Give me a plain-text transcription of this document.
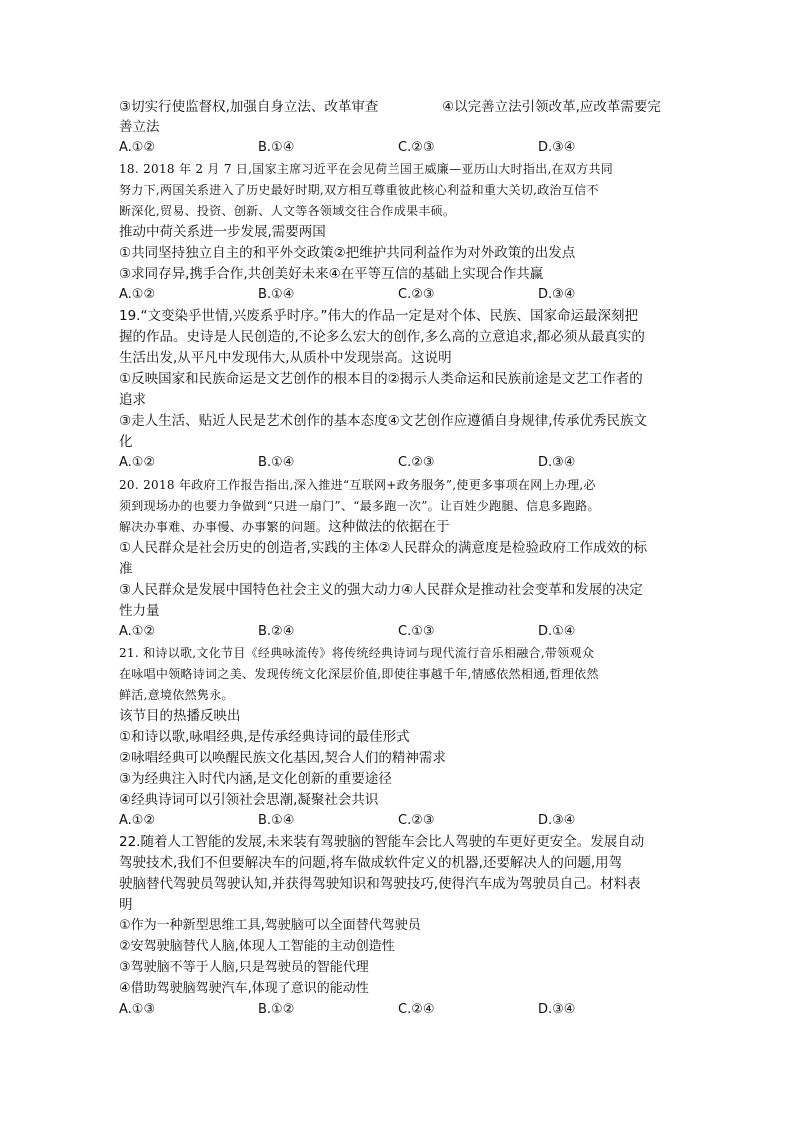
③切实行使监督权,加强自身立法、改革审查	④以完善立法引领改革,应改革需要完
善立法
A.①②	B.①④	C.②③	D.③④
18. 2018 年 2 月 7 日,国家主席习近平在会见荷兰国王威廉—亚历山大时指出,在双方共同
努力下,两国关系进入了历史最好时期,双方相互尊重彼此核心利益和重大关切,政治互信不
断深化,贸易、投资、创新、人文等各领域交往合作成果丰硕。
推动中荷关系进一步发展,需要两国
①共同坚持独立自主的和平外交政策②把维护共同利益作为对外政策的出发点
③求同存异,携手合作,共创美好未来④在平等互信的基础上实现合作共赢
A.①②	B.①④	C.②③	D.③④
19.“文变染乎世情,兴废系乎时序。”伟大的作品一定是对个体、民族、国家命运最深刻把
握的作品。史诗是人民创造的,不论多么宏大的创作,多么高的立意追求,都必须从最真实的
生活出发,从平凡中发现伟大,从质朴中发现崇高。这说明
①反映国家和民族命运是文艺创作的根本目的②揭示人类命运和民族前途是文艺工作者的
追求
③走人生活、贴近人民是艺术创作的基本态度④文艺创作应遵循自身规律,传承优秀民族文
化
A.①②	B.①④	C.②③	D.③④
20. 2018 年政府工作报告指出,深入推进“互联网+政务服务”,使更多事项在网上办理,必
须到现场办的也要力争做到“只进一扇门”、“最多跑一次”。让百姓少跑腿、信息多跑路。
解决办事难、办事慢、办事繁的问题。这种做法的依据在于
①人民群众是社会历史的创造者,实践的主体②人民群众的满意度是检验政府工作成效的标
准
③人民群众是发展中国特色社会主义的强大动力④人民群众是推动社会变革和发展的决定
性力量
A.①②	B.②④	C.①③	D.①④
21. 和诗以歌,文化节目《经典咏流传》将传统经典诗词与现代流行音乐相融合,带领观众
在咏唱中领略诗词之美、发现传统文化深层价值,即使往事越千年,情感依然相通,哲理依然
鲜活,意境依然隽永。
该节目的热播反映出
①和诗以歌,咏唱经典,是传承经典诗词的最佳形式
②咏唱经典可以唤醒民族文化基因,契合人们的精神需求
③为经典注入时代内涵,是文化创新的重要途径
④经典诗词可以引领社会思潮,凝聚社会共识
A.①②	B.①④	C.②③	D.③④
22.随着人工智能的发展,未来装有驾驶脑的智能车会比人驾驶的车更好更安全。发展自动
驾驶技术,我们不但要解决车的问题,将车做成软件定义的机器,还要解决人的问题,用驾
驶脑替代驾驶员驾驶认知,并获得驾驶知识和驾驶技巧,使得汽车成为驾驶员自己。材料表
明
①作为一种新型思维工具,驾驶脑可以全面替代驾驶员
②安驾驶脑替代人脑,体现人工智能的主动创造性
③驾驶脑不等于人脑,只是驾驶员的智能代理
④借助驾驶脑驾驶汽车,体现了意识的能动性
A.①③	B.①②	C.②④	D.③④
